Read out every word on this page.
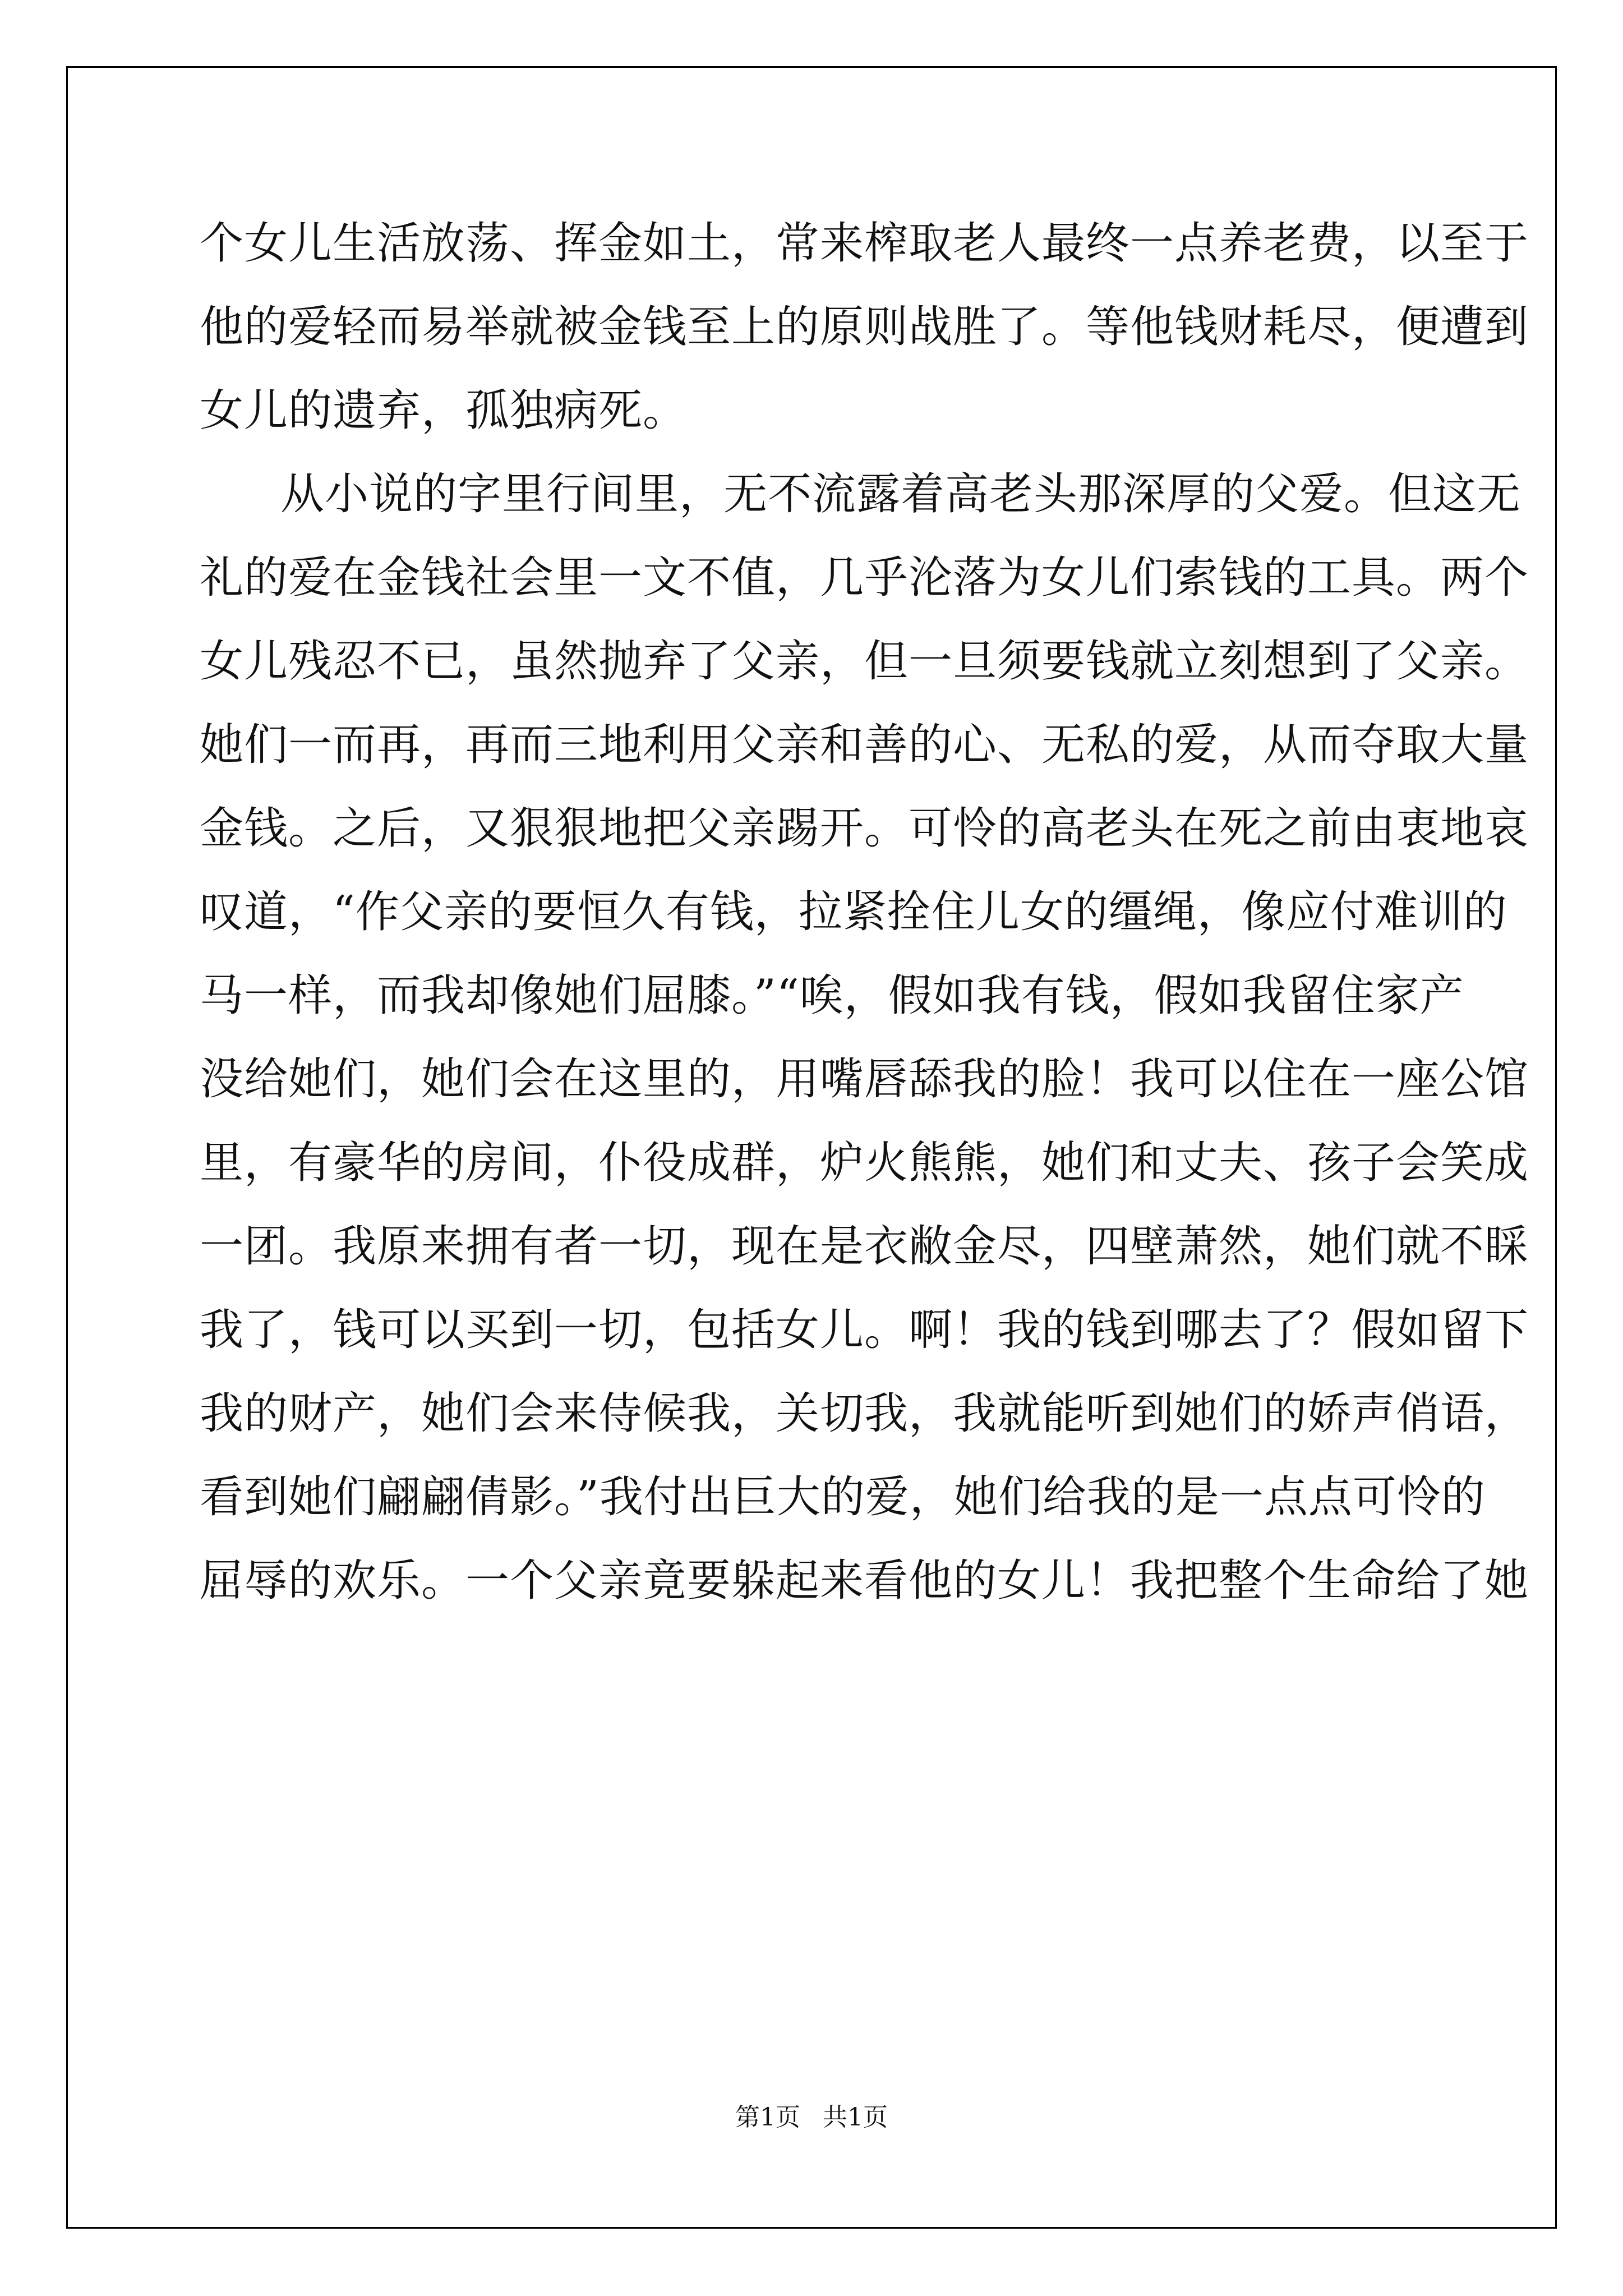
个女儿生活放荡、挥金如土，常来榨取老人最终一点养老费，以至于
他的爱轻而易举就被金钱至上的原则战胜了。等他钱财耗尽，便遭到
女儿的遗弃，孤独病死。
从小说的字里行间里，无不流露着高老头那深厚的父爱。但这无
礼的爱在金钱社会里一文不值，几乎沦落为女儿们索钱的工具。两个
女儿残忍不已，虽然抛弃了父亲，但一旦须要钱就立刻想到了父亲。
她们一而再，再而三地利用父亲和善的心、无私的爱，从而夺取大量
金钱。之后，又狠狠地把父亲踢开。可怜的高老头在死之前由衷地哀
叹道，“作父亲的要恒久有钱，拉紧拴住儿女的缰绳，像应付难训的
马一样，而我却像她们屈膝。”“唉，假如我有钱，假如我留住家产
没给她们，她们会在这里的，用嘴唇舔我的脸！我可以住在一座公馆
里，有豪华的房间，仆役成群，炉火熊熊，她们和丈夫、孩子会笑成
一团。我原来拥有者一切，现在是衣敝金尽，四壁萧然，她们就不睬
我了，钱可以买到一切，包括女儿。啊！我的钱到哪去了？假如留下
我的财产，她们会来侍候我，关切我，我就能听到她们的娇声俏语，
看到她们翩翩倩影。”我付出巨大的爱，她们给我的是一点点可怜的
屈辱的欢乐。一个父亲竟要躲起来看他的女儿！我把整个生命给了她
第1页 共1页
